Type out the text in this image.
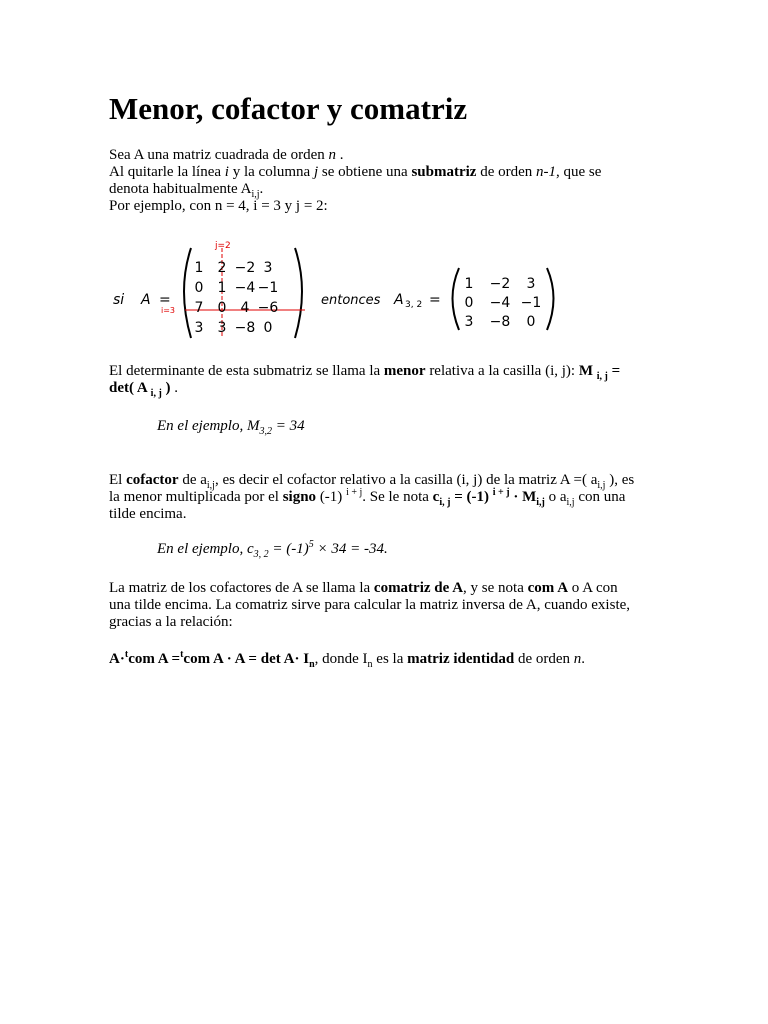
Menor, cofactor y comatriz
Sea A una matriz cuadrada de orden n .
Al quitarle la línea i y la columna j se obtiene una submatriz de orden n-1, que se
denota habitualmente $A_{i,j}$.
Por ejemplo, con n = 4, i = 3 y j = 2:
si A =
j=2
i=3
1 2 −2 3
0 1 −4 −1
7 0 4 −6
3 3 −8 0
entonces A 3, 2 =
1 −2 3
0 −4 −1
3 −8 0
El determinante de esta submatriz se llama la menor relativa a la casilla (i, j): M $_{i, j}$ =
det( A $_{i, j}$ ) .
En el ejemplo, $M_{3,2} = 34$
El cofactor de $a_{i,j}$, es decir el cofactor relativo a la casilla (i, j) de la matriz A =( $a_{i,j}$ ), es
la menor multiplicada por el signo (-1) $^{i + j}$. Se le nota $c_{i, j} = (-1) ^{i + j} \cdot M_{i,j}$ o $a_{i,j}$ con una
tilde encima.
En el ejemplo, $c_{3, 2} = (-1)^5 \times 34 = -34$.
La matriz de los cofactores de A se llama la comatriz de A, y se nota com A o A con
una tilde encima. La comatriz sirve para calcular la matriz inversa de A, cuando existe,
gracias a la relación:
A·$^t$com A =$^t$com $A \cdot A = \det A\cdot I_n$, donde $I_n$ es la matriz identidad de orden n.
